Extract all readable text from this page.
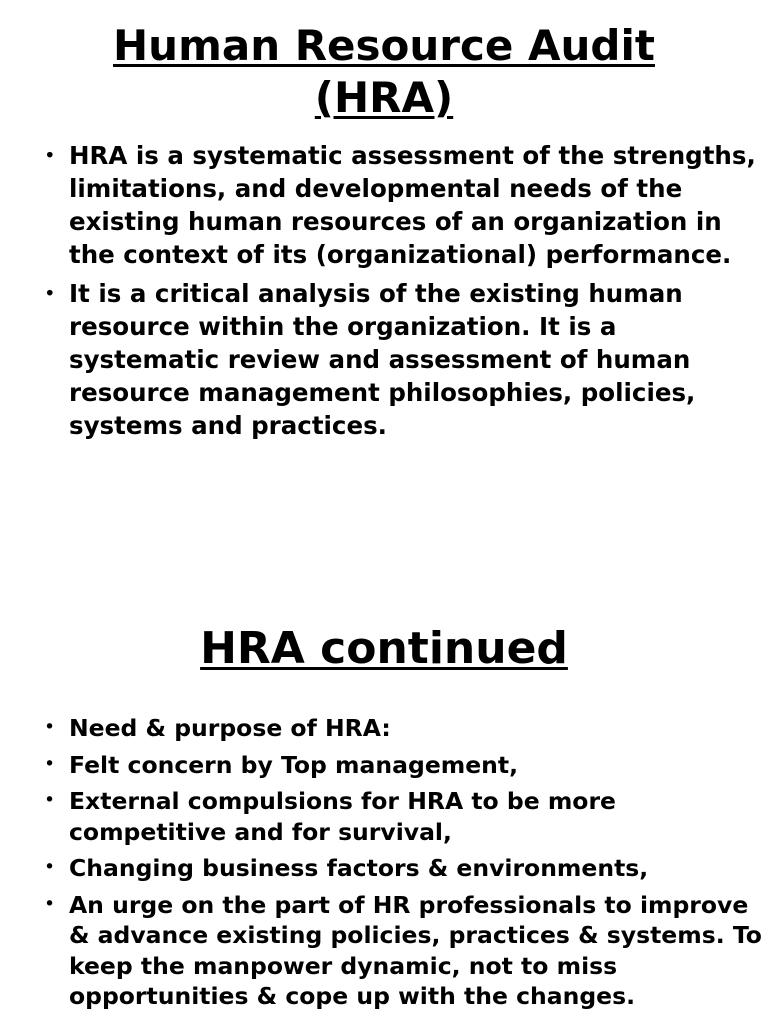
Human Resource Audit
(HRA)
• HRA is a systematic assessment of the strengths, limitations, and developmental needs of the existing human resources of an organization in the context of its (organizational) performance.
• It is a critical analysis of the existing human resource within the organization. It is a systematic review and assessment of human resource management philosophies, policies, systems and practices.
HRA continued
• Need & purpose of HRA:
• Felt concern by Top management,
• External compulsions for HRA to be more competitive and for survival,
• Changing business factors & environments,
• An urge on the part of HR professionals to improve & advance existing policies, practices & systems. To keep the manpower dynamic, not to miss opportunities & cope up with the changes.
